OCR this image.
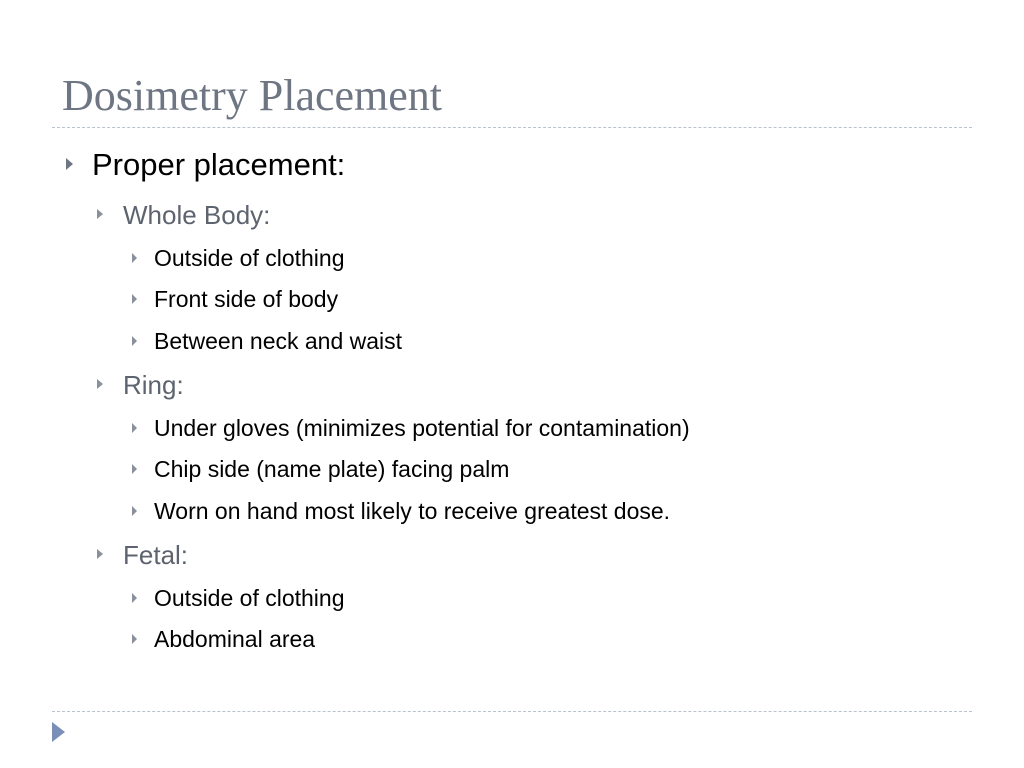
Dosimetry Placement
Proper placement:
Whole Body:
Outside of clothing
Front side of body
Between neck and waist
Ring:
Under gloves (minimizes potential for contamination)
Chip side (name plate) facing palm
Worn on hand most likely to receive greatest dose.
Fetal:
Outside of clothing
Abdominal area
